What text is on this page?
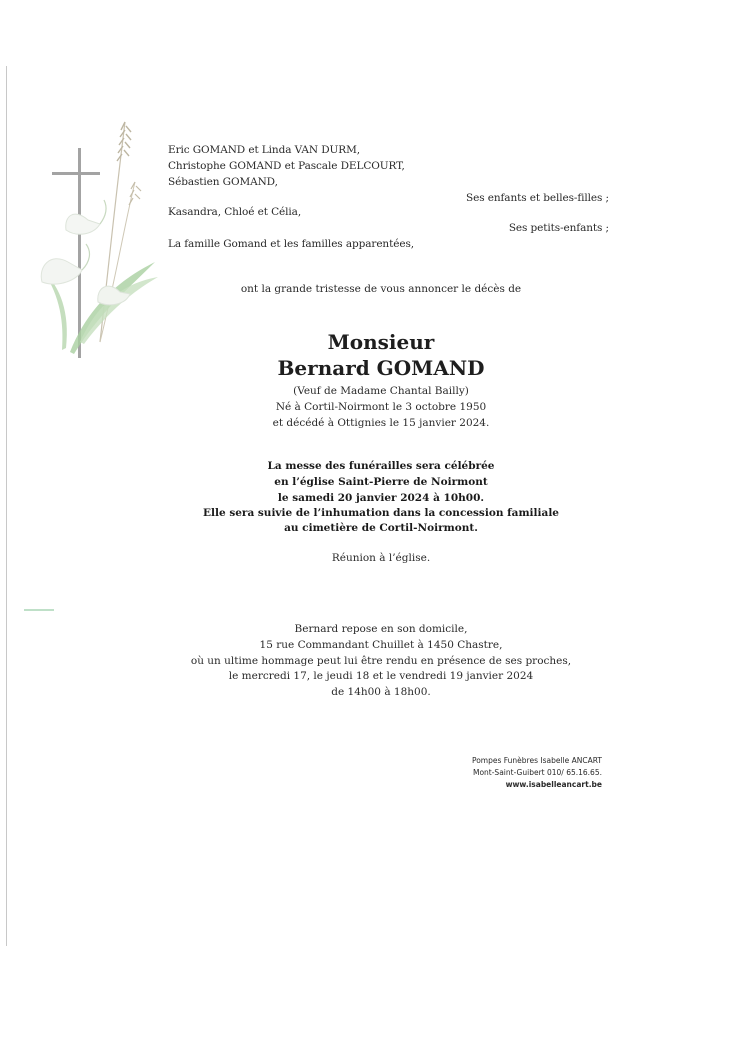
Eric GOMAND et Linda VAN DURM,
Christophe GOMAND et Pascale DELCOURT,
Sébastien GOMAND,
Ses enfants et belles-filles ;
Kasandra, Chloé et Célia,
Ses petits-enfants ;
La famille Gomand et les familles apparentées,
ont la grande tristesse de vous annoncer le décès de
Monsieur
Bernard GOMAND
(Veuf de Madame Chantal Bailly)
Né à Cortil-Noirmont le 3 octobre 1950
et décédé à Ottignies le 15 janvier 2024.
La messe des funérailles sera célébrée
en l’église Saint-Pierre de Noirmont
le samedi 20 janvier 2024 à 10h00.
Elle sera suivie de l’inhumation dans la concession familiale
au cimetière de Cortil-Noirmont.
Réunion à l’église.
Bernard repose en son domicile,
15 rue Commandant Chuillet à 1450 Chastre,
où un ultime hommage peut lui être rendu en présence de ses proches,
le mercredi 17, le jeudi 18 et le vendredi 19 janvier 2024
de 14h00 à 18h00.
Pompes Funèbres Isabelle ANCART
Mont-Saint-Guibert 010/ 65.16.65.
www.isabelleancart.be
